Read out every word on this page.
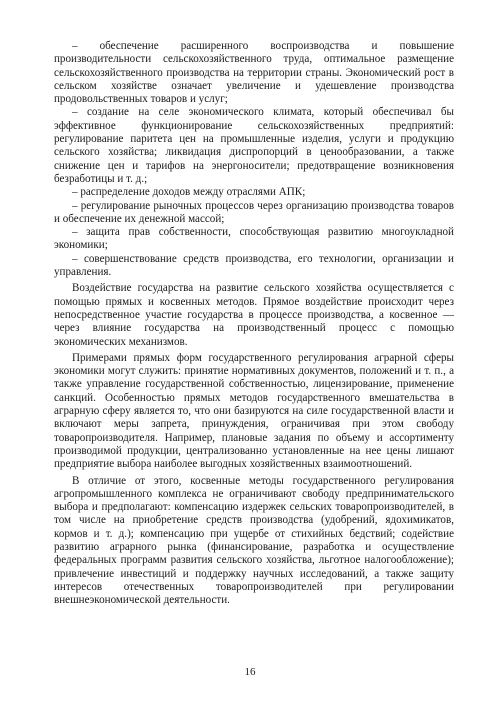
– обеспечение расширенного воспроизводства и повышение производительности сельскохозяйственного труда, оптимальное размещение сельскохозяйственного производства на территории страны. Экономический рост в сельском хозяйстве означает увеличение и удешевление производства продовольственных товаров и услуг;

– создание на селе экономического климата, который обеспечивал бы эффективное функционирование сельскохозяйственных предприятий: регулирование паритета цен на промышленные изделия, услуги и продукцию сельского хозяйства; ликвидация диспропорций в ценообразовании, а также снижение цен и тарифов на энергоносители; предотвращение возникновения безработицы и т. д.;

– распределение доходов между отраслями АПК;

– регулирование рыночных процессов через организацию производства товаров и обеспечение их денежной массой;

– защита прав собственности, способствующая развитию многоукладной экономики;

– совершенствование средств производства, его технологии, организации и управления.

Воздействие государства на развитие сельского хозяйства осуществляется с помощью прямых и косвенных методов. Прямое воздействие происходит через непосредственное участие государства в процессе производства, а косвенное — через влияние государства на производственный процесс с помощью экономических механизмов.

Примерами прямых форм государственного регулирования аграрной сферы экономики могут служить: принятие нормативных документов, положений и т. п., а также управление государственной собственностью, лицензирование, применение санкций. Особенностью прямых методов государственного вмешательства в аграрную сферу является то, что они базируются на силе государственной власти и включают меры запрета, принуждения, ограничивая при этом свободу товаропроизводителя. Например, плановые задания по объему и ассортименту производимой продукции, централизованно установленные на нее цены лишают предприятие выбора наиболее выгодных хозяйственных взаимоотношений.

В отличие от этого, косвенные методы государственного регулирования агропромышленного комплекса не ограничивают свободу предпринимательского выбора и предполагают: компенсацию издержек сельских товаропроизводителей, в том числе на приобретение средств производства (удобрений, ядохимикатов, кормов и т. д.); компенсацию при ущербе от стихийных бедствий; содействие развитию аграрного рынка (финансирование, разработка и осуществление федеральных программ развития сельского хозяйства, льготное налогообложение); привлечение инвестиций и поддержку научных исследований, а также защиту интересов отечественных товаропроизводителей при регулировании внешнеэкономической деятельности.

16
